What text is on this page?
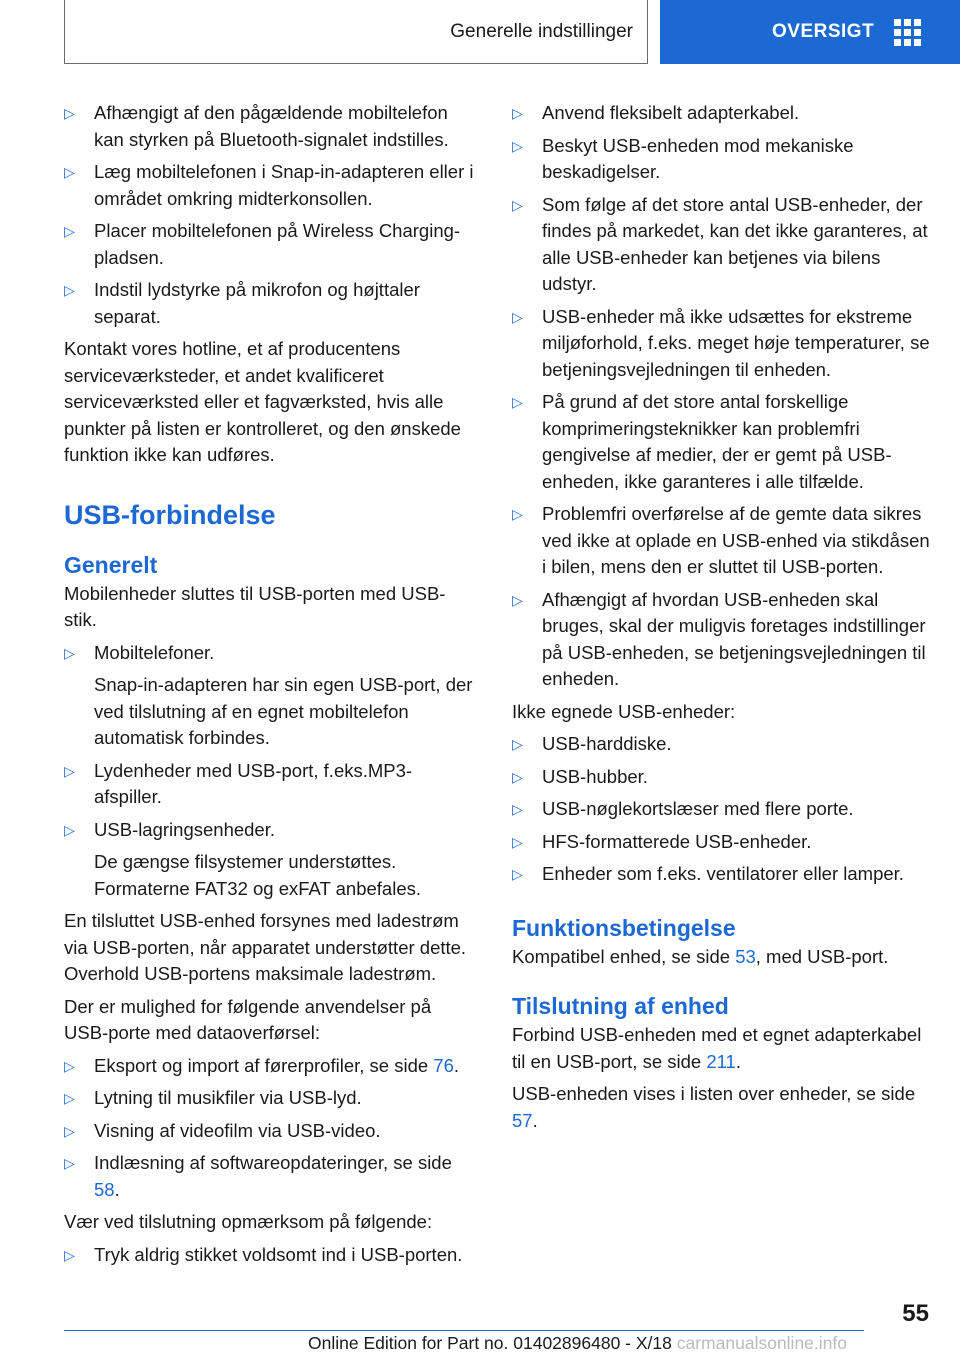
Generelle indstillinger	OVERSIGT

▷ Afhængigt af den pågældende mobiltelefon kan styrken på Bluetooth-signalet indstilles.

▷ Læg mobiltelefonen i Snap-in-adapteren eller i området omkring midterkonsollen.

▷ Placer mobiltelefonen på Wireless Charging-pladsen.

▷ Indstil lydstyrke på mikrofon og højttaler separat.

Kontakt vores hotline, et af producentens serviceværksteder, et andet kvalificeret serviceværksted eller et fagværksted, hvis alle punkter på listen er kontrolleret, og den ønskede funktion ikke kan udføres.

USB-forbindelse
Generelt

Mobilenheder sluttes til USB-porten med USB-stik.

▷ Mobiltelefoner.

Snap-in-adapteren har sin egen USB-port, der ved tilslutning af en egnet mobiltelefon automatisk forbindes.

▷ Lydenheder med USB-port, f.eks.MP3-afspiller.

▷ USB-lagringsenheder.

De gængse filsystemer understøttes. Formaterne FAT32 og exFAT anbefales.

En tilsluttet USB-enhed forsynes med ladestrøm via USB-porten, når apparatet understøtter dette. Overhold USB-portens maksimale ladestrøm.

Der er mulighed for følgende anvendelser på USB-porte med dataoverførsel:

▷ Eksport og import af førerprofiler, se side 76.

▷ Lytning til musikfiler via USB-lyd.

▷ Visning af videofilm via USB-video.

▷ Indlæsning af softwareopdateringer, se side 58.

Vær ved tilslutning opmærksom på følgende:

▷ Tryk aldrig stikket voldsomt ind i USB-porten.

▷ Anvend fleksibelt adapterkabel.

▷ Beskyt USB-enheden mod mekaniske beskadigelser.

▷ Som følge af det store antal USB-enheder, der findes på markedet, kan det ikke garanteres, at alle USB-enheder kan betjenes via bilens udstyr.

▷ USB-enheder må ikke udsættes for ekstreme miljøforhold, f.eks. meget høje temperaturer, se betjeningsvejledningen til enheden.

▷ På grund af det store antal forskellige komprimeringsteknikker kan problemfri gengivelse af medier, der er gemt på USB-enheden, ikke garanteres i alle tilfælde.

▷ Problemfri overførelse af de gemte data sikres ved ikke at oplade en USB-enhed via stikdåsen i bilen, mens den er sluttet til USB-porten.

▷ Afhængigt af hvordan USB-enheden skal bruges, skal der muligvis foretages indstillinger på USB-enheden, se betjeningsvejledningen til enheden.

Ikke egnede USB-enheder:

▷ USB-harddiske.

▷ USB-hubber.

▷ USB-nøglekortslæser med flere porte.

▷ HFS-formatterede USB-enheder.

▷ Enheder som f.eks. ventilatorer eller lamper.

Funktionsbetingelse

Kompatibel enhed, se side 53, med USB-port.

Tilslutning af enhed

Forbind USB-enheden med et egnet adapterkabel til en USB-port, se side 211.

USB-enheden vises i listen over enheder, se side 57.

55
Online Edition for Part no. 01402896480 - X/18 carmanualsonline.info
